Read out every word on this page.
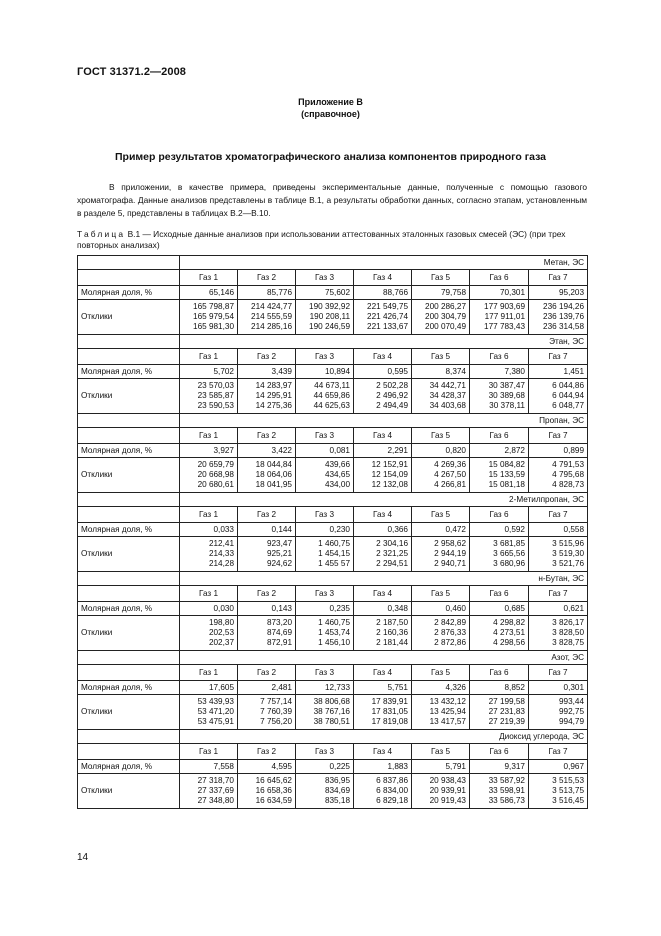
ГОСТ 31371.2—2008
Приложение В
(справочное)
Пример результатов хроматографического анализа компонентов природного газа

В приложении, в качестве примера, приведены экспериментальные данные, полученные с помощью газового хроматографа. Данные анализов представлены в таблице В.1, а результаты обработки данных, согласно этапам, установленным в разделе 5, представлены в таблицах В.2—В.10.

Таблица В.1 — Исходные данные анализов при использовании аттестованных эталонных газовых смесей (ЭС) (при трех повторных анализах)

	Метан, ЭС						
	Газ 1	Газ 2	Газ 3	Газ 4	Газ 5	Газ 6	Газ 7
Молярная доля, %	65,146	85,776	75,602	88,766	79,758	70,301	95,203
Отклики	165 798,87
165 979,54
165 981,30	214 424,77
214 555,59
214 285,16	190 392,92
190 208,11
190 246,59	221 549,75
221 426,74
221 133,67	200 286,27
200 304,79
200 070,49	177 903,69
177 911,01
177 783,43	236 194,26
236 139,76
236 314,58

	Этан, ЭС						
	Газ 1	Газ 2	Газ 3	Газ 4	Газ 5	Газ 6	Газ 7
Молярная доля, %	5,702	3,439	10,894	0,595	8,374	7,380	1,451
Отклики	23 570,03
23 585,87
23 590,53	14 283,97
14 295,91
14 275,36	44 673,11
44 659,86
44 625,63	2 502,28
2 496,92
2 494,49	34 442,71
34 428,37
34 403,68	30 387,47
30 389,68
30 378,11	6 044,86
6 044,94
6 048,77

	Пропан, ЭС						
	Газ 1	Газ 2	Газ 3	Газ 4	Газ 5	Газ 6	Газ 7
Молярная доля, %	3,927	3,422	0,081	2,291	0,820	2,872	0,899
Отклики	20 659,79
20 668,98
20 680,61	18 044,84
18 064,06
18 041,95	439,66
434,65
434,00	12 152,91
12 154,09
12 132,08	4 269,36
4 267,50
4 266,81	15 084,82
15 133,59
15 081,18	4 791,53
4 795,68
4 828,73

	2-Метилпропан, ЭС						
	Газ 1	Газ 2	Газ 3	Газ 4	Газ 5	Газ 6	Газ 7
Молярная доля, %	0,033	0,144	0,230	0,366	0,472	0,592	0,558
Отклики	212,41
214,33
214,28	923,47
925,21
924,62	1 460,75
1 454,15
1 455 57	2 304,16
2 321,25
2 294,51	2 958,62
2 944,19
2 940,71	3 681,85
3 665,56
3 680,96	3 515,96
3 519,30
3 521,76

	н-Бутан, ЭС						
	Газ 1	Газ 2	Газ 3	Газ 4	Газ 5	Газ 6	Газ 7
Молярная доля, %	0,030	0,143	0,235	0,348	0,460	0,685	0,621
Отклики	198,80
202,53
202,37	873,20
874,69
872,91	1 460,75
1 453,74
1 456,10	2 187,50
2 160,36
2 181,44	2 842,89
2 876,33
2 872,86	4 298,82
4 273,51
4 298,56	3 826,17
3 828,50
3 828,75

	Азот, ЭС						
	Газ 1	Газ 2	Газ 3	Газ 4	Газ 5	Газ 6	Газ 7
Молярная доля, %	17,605	2,481	12,733	5,751	4,326	8,852	0,301
Отклики	53 439,93
53 471,20
53 475,91	7 757,14
7 760,39
7 756,20	38 806,68
38 767,16
38 780,51	17 839,91
17 831,05
17 819,08	13 432,12
13 425,94
13 417,57	27 199,58
27 231,83
27 219,39	993,44
992,75
994,79

	Диоксид углерода, ЭС						
	Газ 1	Газ 2	Газ 3	Газ 4	Газ 5	Газ 6	Газ 7
Молярная доля, %	7,558	4,595	0,225	1,883	5,791	9,317	0,967
Отклики	27 318,70
27 337,69
27 348,80	16 645,62
16 658,36
16 634,59	836,95
834,69
835,18	6 837,86
6 834,00
6 829,18	20 938,43
20 939,91
20 919,43	33 587,92
33 598,91
33 586,73	3 515,53
3 513,75
3 516,45
14
